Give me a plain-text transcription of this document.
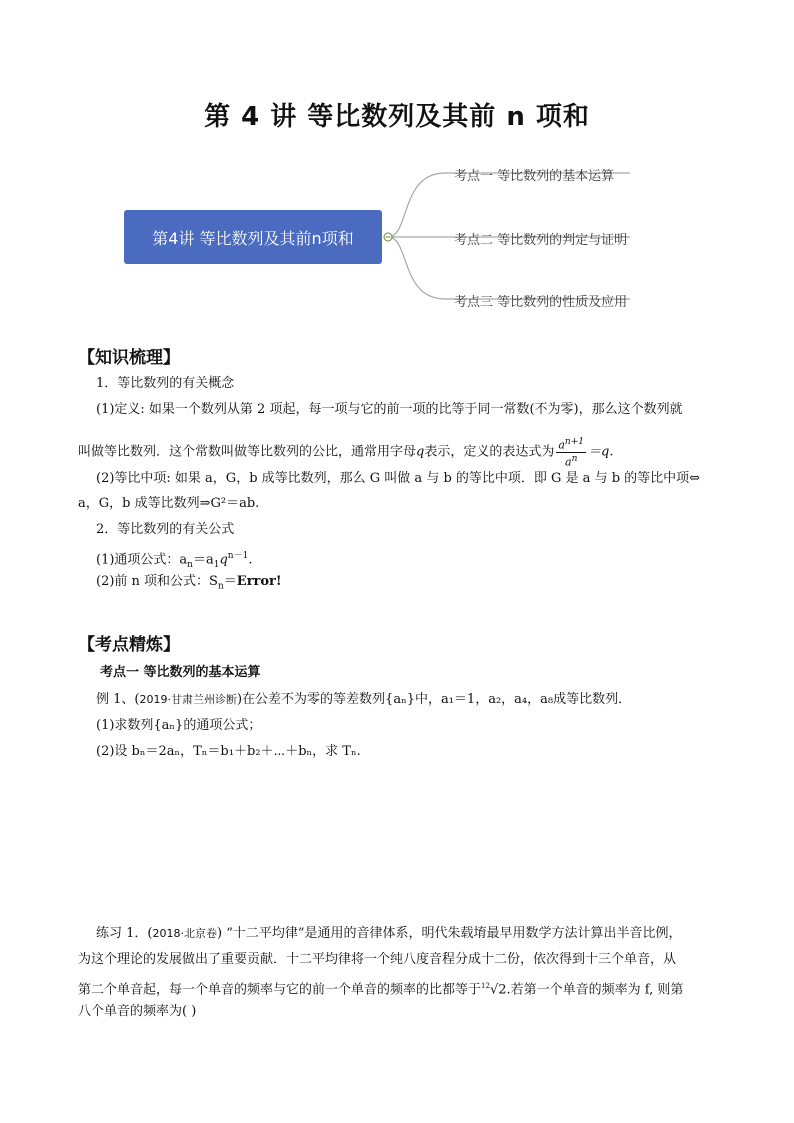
第 4 讲 等比数列及其前 n 项和
第4讲 等比数列及其前n项和
考点一 等比数列的基本运算
考点二 等比数列的判定与证明
考点三 等比数列的性质及应用
【知识梳理】
1．等比数列的有关概念
(1)定义: 如果一个数列从第 2 项起，每一项与它的前一项的比等于同一常数(不为零)，那么这个数列就
叫做等比数列．这个常数叫做等比数列的公比，通常用字母q表示，定义的表达式为 $\frac{a^{n+1}}{a^n} =q$.
(2)等比中项: 如果 a，G，b 成等比数列，那么 G 叫做 a 与 b 的等比中项．即 G 是 a 与 b 的等比中项⇔
a，G，b 成等比数列⇒G²＝ab.
2．等比数列的有关公式
(1)通项公式：$a_n=a_1q^{n-1}$.
(2)前 n 项和公式：$S_n=Error$!
【考点精炼】
考点一 等比数列的基本运算
例 1、(2019·甘肃兰州诊断)在公差不为零的等差数列{aₙ}中，a₁＝1，a₂，a₄，a₈成等比数列．
(1)求数列{aₙ}的通项公式；
(2)设 bₙ＝2aₙ，Tₙ＝b₁＋b₂＋⋯＋bₙ，求 Tₙ.
练习 1．(2018·北京卷) “十二平均律”是通用的音律体系，明代朱载堉最早用数学方法计算出半音比例，
为这个理论的发展做出了重要贡献．十二平均律将一个纯八度音程分成十二份，依次得到十三个单音，从
第二个单音起，每一个单音的频率与它的前一个单音的频率的比都等于$^{12}$√2.若第一个单音的频率为 f, 则第
八个单音的频率为( )
